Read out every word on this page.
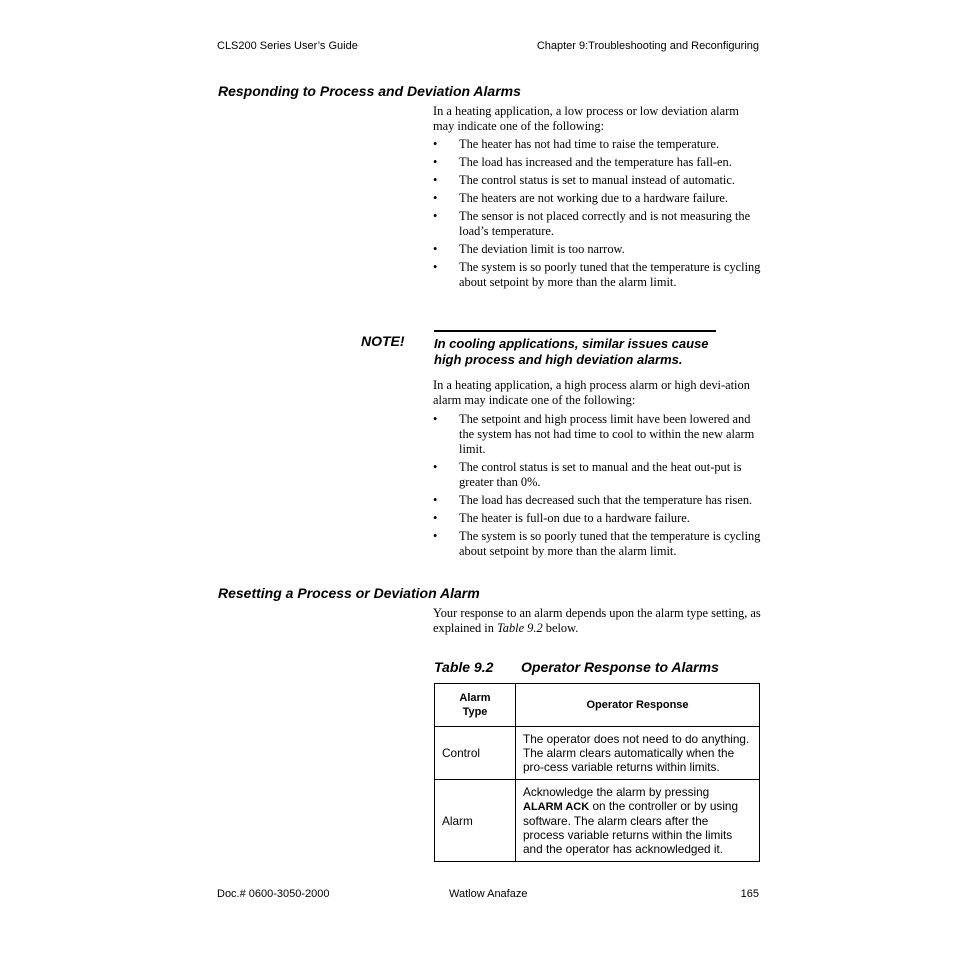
CLS200 Series User’s Guide	Chapter 9:Troubleshooting and Reconfiguring
Responding to Process and Deviation Alarms
In a heating application, a low process or low deviation alarm may indicate one of the following:
• The heater has not had time to raise the temperature.
• The load has increased and the temperature has fall-en.
• The control status is set to manual instead of automatic.
• The heaters are not working due to a hardware failure.
• The sensor is not placed correctly and is not measuring the load’s temperature.
• The deviation limit is too narrow.
• The system is so poorly tuned that the temperature is cycling about setpoint by more than the alarm limit.
NOTE! In cooling applications, similar issues cause high process and high deviation alarms.
In a heating application, a high process alarm or high devi-ation alarm may indicate one of the following:
• The setpoint and high process limit have been lowered and the system has not had time to cool to within the new alarm limit.
• The control status is set to manual and the heat out-put is greater than 0%.
• The load has decreased such that the temperature has risen.
• The heater is full-on due to a hardware failure.
• The system is so poorly tuned that the temperature is cycling about setpoint by more than the alarm limit.
Resetting a Process or Deviation Alarm
Your response to an alarm depends upon the alarm type setting, as explained in Table 9.2 below.
Table 9.2 Operator Response to Alarms
Alarm Type	Operator Response
Control	The operator does not need to do anything. The alarm clears automatically when the pro-cess variable returns within limits.
Alarm	Acknowledge the alarm by pressing ALARM ACK on the controller or by using software. The alarm clears after the process variable returns within the limits and the operator has acknowledged it.
Doc.# 0600-3050-2000	Watlow Anafaze	165
